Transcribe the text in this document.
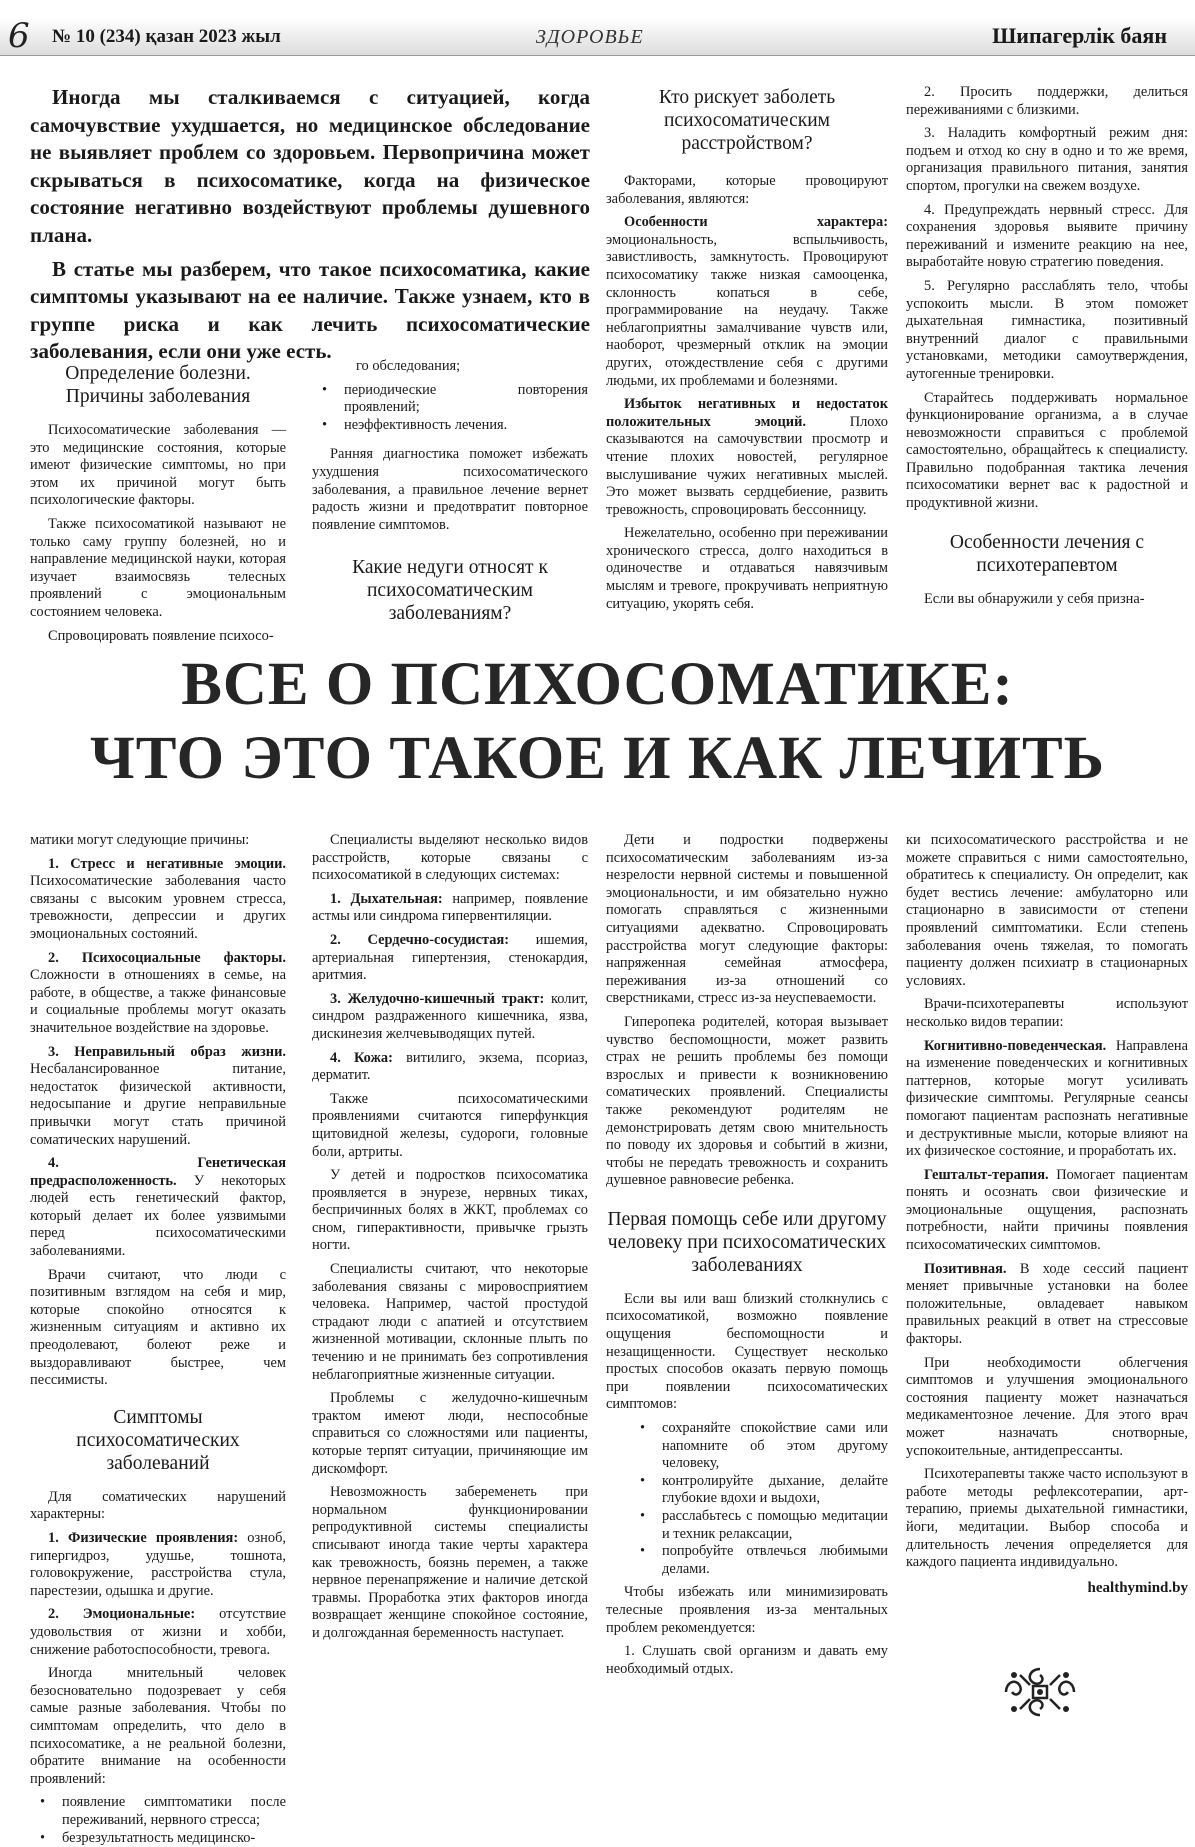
6 № 10 (234) қазан 2023 жыл	ЗДОРОВЬЕ	Шипагерлік баян

Иногда мы сталкиваемся с ситуацией, когда самочувствие ухудшается, но медицинское обследование не выявляет проблем со здоровьем. Первопричина может скрываться в психосоматике, когда на физическое состояние негативно воздействуют проблемы душевного плана.

В статье мы разберем, что такое психосоматика, какие симптомы указывают на ее наличие. Также узнаем, кто в группе риска и как лечить психосоматические заболевания, если они уже есть.

Определение болезни. Причины заболевания

Психосоматические заболевания — это медицинские состояния, которые имеют физические симптомы, но при этом их причиной могут быть психологические факторы.

Также психосоматикой называют не только саму группу болезней, но и направление медицинской науки, которая изучает взаимосвязь телесных проявлений с эмоциональным состоянием человека.

Спровоцировать появление психосо-

го обследования;

• периодические повторения проявлений;
• неэффективность лечения.

Ранняя диагностика поможет избежать ухудшения психосоматического заболевания, а правильное лечение вернет радость жизни и предотвратит повторное появление симптомов.

Какие недуги относят к психосоматическим заболеваниям?
Кто рискует заболеть психосоматическим расстройством?

Факторами, которые провоцируют заболевания, являются:

Особенности характера: эмоциональность, вспыльчивость, завистливость, замкнутость. Провоцируют психосоматику также низкая самооценка, склонность копаться в себе, программирование на неудачу. Также неблагоприятны замалчивание чувств или, наоборот, чрезмерный отклик на эмоции других, отождествление себя с другими людьми, их проблемами и болезнями.

Избыток негативных и недостаток положительных эмоций. Плохо сказываются на самочувствии просмотр и чтение плохих новостей, регулярное выслушивание чужих негативных мыслей. Это может вызвать сердцебиение, развить тревожность, спровоцировать бессонницу.

Нежелательно, особенно при переживании хронического стресса, долго находиться в одиночестве и отдаваться навязчивым мыслям и тревоге, прокручивать неприятную ситуацию, укорять себя.

2. Просить поддержки, делиться переживаниями с близкими.

3. Наладить комфортный режим дня: подъем и отход ко сну в одно и то же время, организация правильного питания, занятия спортом, прогулки на свежем воздухе.

4. Предупреждать нервный стресс. Для сохранения здоровья выявите причину переживаний и измените реакцию на нее, выработайте новую стратегию поведения.

5. Регулярно расслаблять тело, чтобы успокоить мысли. В этом поможет дыхательная гимнастика, позитивный внутренний диалог с правильными установками, методики самоутверждения, аутогенные тренировки.

Старайтесь поддерживать нормальное функционирование организма, а в случае невозможности справиться с проблемой самостоятельно, обращайтесь к специалисту. Правильно подобранная тактика лечения психосоматики вернет вас к радостной и продуктивной жизни.

Особенности лечения с психотерапевтом

Если вы обнаружили у себя призна-

ВСЕ О ПСИХОСОМАТИКЕ:
ЧТО ЭТО ТАКОЕ И КАК ЛЕЧИТЬ

матики могут следующие причины:

1. Стресс и негативные эмоции. Психосоматические заболевания часто связаны с высоким уровнем стресса, тревожности, депрессии и других эмоциональных состояний.

2. Психосоциальные факторы. Сложности в отношениях в семье, на работе, в обществе, а также финансовые и социальные проблемы могут оказать значительное воздействие на здоровье.

3. Неправильный образ жизни. Несбалансированное питание, недостаток физической активности, недосыпание и другие неправильные привычки могут стать причиной соматических нарушений.

4. Генетическая предрасположенность. У некоторых людей есть генетический фактор, который делает их более уязвимыми перед психосоматическими заболеваниями.

Врачи считают, что люди с позитивным взглядом на себя и мир, которые спокойно относятся к жизненным ситуациям и активно их преодолевают, болеют реже и выздоравливают быстрее, чем пессимисты.

Симптомы психосоматических заболеваний

Для соматических нарушений характерны:

1. Физические проявления: озноб, гипергидроз, удушье, тошнота, головокружение, расстройства стула, парестезии, одышка и другие.

2. Эмоциональные: отсутствие удовольствия от жизни и хобби, снижение работоспособности, тревога.

Иногда мнительный человек безосновательно подозревает у себя самые разные заболевания. Чтобы по симптомам определить, что дело в психосоматике, а не реальной болезни, обратите внимание на особенности проявлений:

• появление симптоматики после переживаний, нервного стресса;
• безрезультатность медицинско-

Специалисты выделяют несколько видов расстройств, которые связаны с психосоматикой в следующих системах:

1. Дыхательная: например, появление астмы или синдрома гипервентиляции.

2. Сердечно-сосудистая: ишемия, артериальная гипертензия, стенокардия, аритмия.

3. Желудочно-кишечный тракт: колит, синдром раздраженного кишечника, язва, дискинезия желчевыводящих путей.

4. Кожа: витилиго, экзема, псориаз, дерматит.

Также психосоматическими проявлениями считаются гиперфункция щитовидной железы, судороги, головные боли, артриты.

У детей и подростков психосоматика проявляется в энурезе, нервных тиках, беспричинных болях в ЖКТ, проблемах со сном, гиперактивности, привычке грызть ногти.

Специалисты считают, что некоторые заболевания связаны с мировосприятием человека. Например, частой простудой страдают люди с апатией и отсутствием жизненной мотивации, склонные плыть по течению и не принимать без сопротивления неблагоприятные жизненные ситуации.

Проблемы с желудочно-кишечным трактом имеют люди, неспособные справиться со сложностями или пациенты, которые терпят ситуации, причиняющие им дискомфорт.

Невозможность забеременеть при нормальном функционировании репродуктивной системы специалисты списывают иногда такие черты характера как тревожность, боязнь перемен, а также нервное перенапряжение и наличие детской травмы. Проработка этих факторов иногда возвращает женщине спокойное состояние, и долгожданная беременность наступает.

Дети и подростки подвержены психосоматическим заболеваниям из-за незрелости нервной системы и повышенной эмоциональности, и им обязательно нужно помогать справляться с жизненными ситуациями адекватно. Спровоцировать расстройства могут следующие факторы: напряженная семейная атмосфера, переживания из-за отношений со сверстниками, стресс из-за неуспеваемости.

Гиперопека родителей, которая вызывает чувство беспомощности, может развить страх не решить проблемы без помощи взрослых и привести к возникновению соматических проявлений. Специалисты также рекомендуют родителям не демонстрировать детям свою мнительность по поводу их здоровья и событий в жизни, чтобы не передать тревожность и сохранить душевное равновесие ребенка.

Первая помощь себе или другому человеку при психосоматических заболеваниях

Если вы или ваш близкий столкнулись с психосоматикой, возможно появление ощущения беспомощности и незащищенности. Существует несколько простых способов оказать первую помощь при появлении психосоматических симптомов:

• сохраняйте спокойствие сами или напомните об этом другому человеку,
• контролируйте дыхание, делайте глубокие вдохи и выдохи,
• расслабьтесь с помощью медитации и техник релаксации,
• попробуйте отвлечься любимыми делами.

Чтобы избежать или минимизировать телесные проявления из-за ментальных проблем рекомендуется:

1. Слушать свой организм и давать ему необходимый отдых.

ки психосоматического расстройства и не можете справиться с ними самостоятельно, обратитесь к специалисту. Он определит, как будет вестись лечение: амбулаторно или стационарно в зависимости от степени проявлений симптоматики. Если степень заболевания очень тяжелая, то помогать пациенту должен психиатр в стационарных условиях.

Врачи-психотерапевты используют несколько видов терапии:

Когнитивно-поведенческая. Направлена на изменение поведенческих и когнитивных паттернов, которые могут усиливать физические симптомы. Регулярные сеансы помогают пациентам распознать негативные и деструктивные мысли, которые влияют на их физическое состояние, и проработать их.

Гештальт-терапия. Помогает пациентам понять и осознать свои физические и эмоциональные ощущения, распознать потребности, найти причины появления психосоматических симптомов.

Позитивная. В ходе сессий пациент меняет привычные установки на более положительные, овладевает навыком правильных реакций в ответ на стрессовые факторы.

При необходимости облегчения симптомов и улучшения эмоционального состояния пациенту может назначаться медикаментозное лечение. Для этого врач может назначать снотворные, успокоительные, антидепрессанты.

Психотерапевты также часто используют в работе методы рефлексотерапии, арт-терапию, приемы дыхательной гимнастики, йоги, медитации. Выбор способа и длительность лечения определяется для каждого пациента индивидуально.

healthymind.by
